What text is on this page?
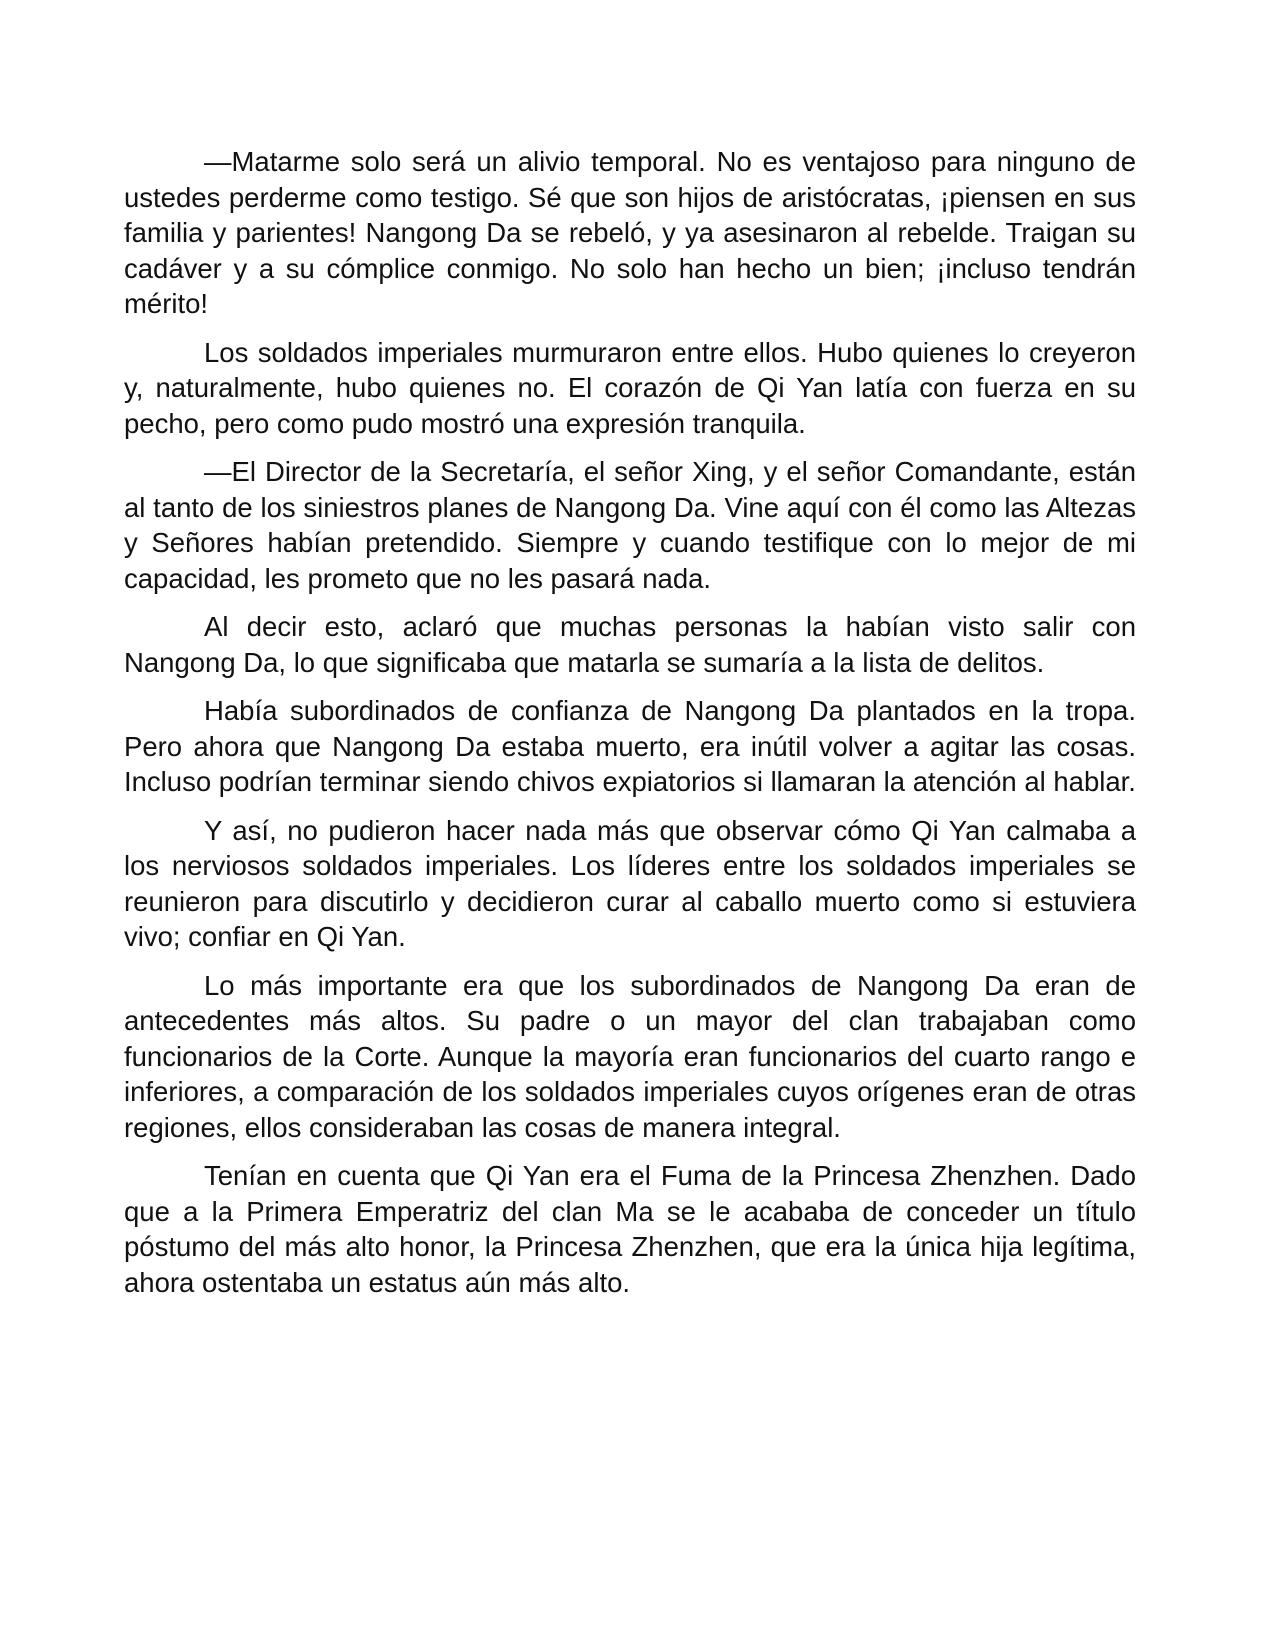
—Matarme solo será un alivio temporal. No es ventajoso para ninguno de ustedes perderme como testigo. Sé que son hijos de aristócratas, ¡piensen en sus familia y parientes! Nangong Da se rebeló, y ya asesinaron al rebelde. Traigan su cadáver y a su cómplice conmigo. No solo han hecho un bien; ¡incluso tendrán mérito!

Los soldados imperiales murmuraron entre ellos. Hubo quienes lo creyeron y, naturalmente, hubo quienes no. El corazón de Qi Yan latía con fuerza en su pecho, pero como pudo mostró una expresión tranquila.

—El Director de la Secretaría, el señor Xing, y el señor Comandante, están al tanto de los siniestros planes de Nangong Da. Vine aquí con él como las Altezas y Señores habían pretendido. Siempre y cuando testifique con lo mejor de mi capacidad, les prometo que no les pasará nada.

Al decir esto, aclaró que muchas personas la habían visto salir con Nangong Da, lo que significaba que matarla se sumaría a la lista de delitos.

Había subordinados de confianza de Nangong Da plantados en la tropa. Pero ahora que Nangong Da estaba muerto, era inútil volver a agitar las cosas. Incluso podrían terminar siendo chivos expiatorios si llamaran la atención al hablar.

Y así, no pudieron hacer nada más que observar cómo Qi Yan calmaba a los nerviosos soldados imperiales. Los líderes entre los soldados imperiales se reunieron para discutirlo y decidieron curar al caballo muerto como si estuviera vivo; confiar en Qi Yan.

Lo más importante era que los subordinados de Nangong Da eran de antecedentes más altos. Su padre o un mayor del clan trabajaban como funcionarios de la Corte. Aunque la mayoría eran funcionarios del cuarto rango e inferiores, a comparación de los soldados imperiales cuyos orígenes eran de otras regiones, ellos consideraban las cosas de manera integral.

Tenían en cuenta que Qi Yan era el Fuma de la Princesa Zhenzhen. Dado que a la Primera Emperatriz del clan Ma se le acababa de conceder un título póstumo del más alto honor, la Princesa Zhenzhen, que era la única hija legítima, ahora ostentaba un estatus aún más alto.
